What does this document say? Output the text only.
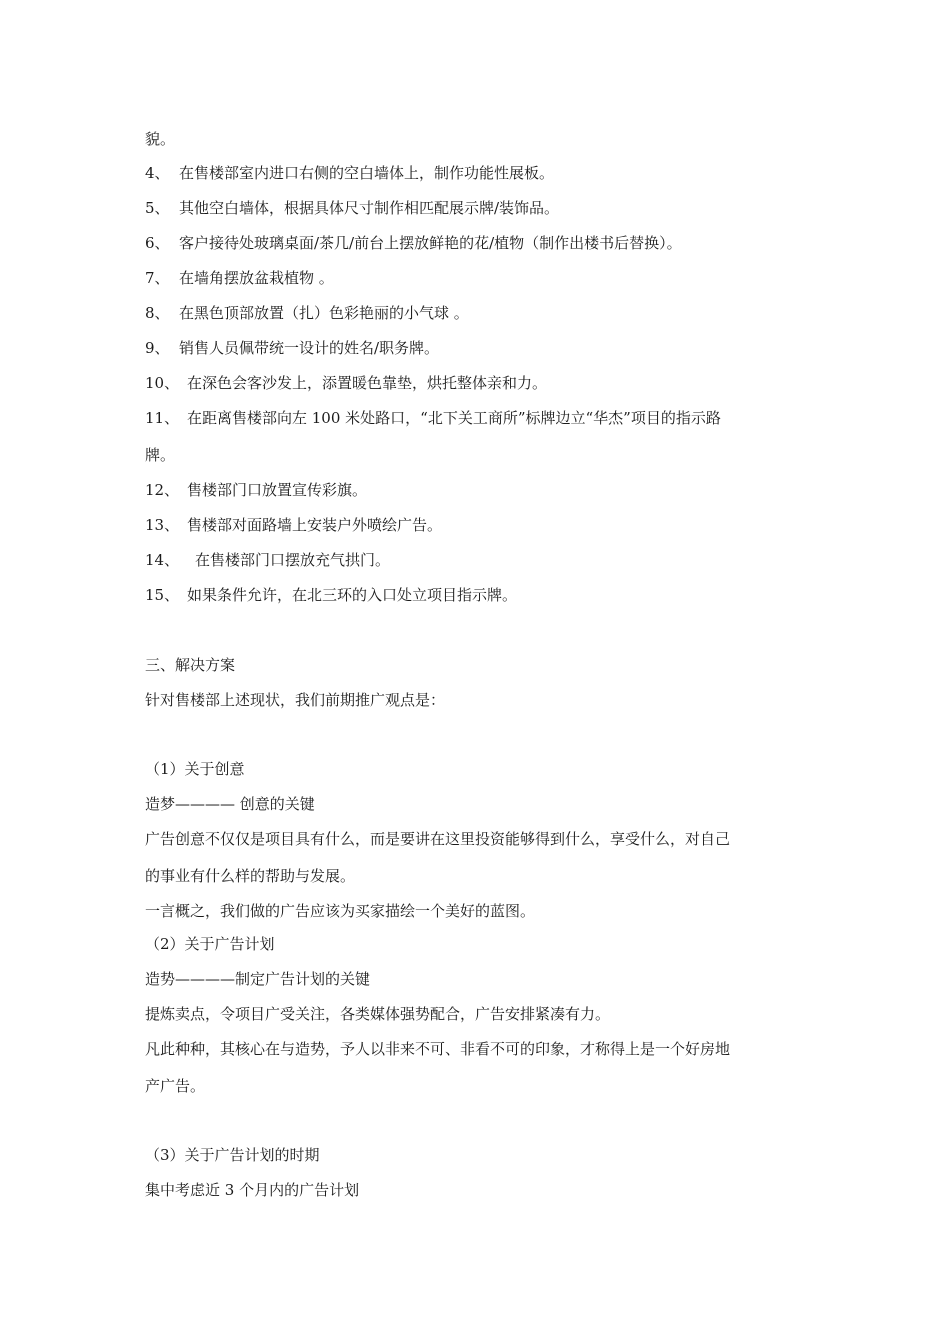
貌。
4、 在售楼部室内进口右侧的空白墙体上，制作功能性展板。
5、 其他空白墙体，根据具体尺寸制作相匹配展示牌/装饰品。
6、 客户接待处玻璃桌面/茶几/前台上摆放鲜艳的花/植物（制作出楼书后替换）。
7、 在墙角摆放盆栽植物 。
8、 在黑色顶部放置（扎）色彩艳丽的小气球 。
9、 销售人员佩带统一设计的姓名/职务牌。
10、 在深色会客沙发上，添置暖色靠垫，烘托整体亲和力。
11、 在距离售楼部向左 100 米处路口，“北下关工商所”标牌边立“华杰”项目的指示路
牌。
12、 售楼部门口放置宣传彩旗。
13、 售楼部对面路墙上安装户外喷绘广告。
14、 在售楼部门口摆放充气拱门。
15、 如果条件允许，在北三环的入口处立项目指示牌。
三、解决方案
针对售楼部上述现状，我们前期推广观点是：
（1）关于创意
造梦———— 创意的关键
广告创意不仅仅是项目具有什么，而是要讲在这里投资能够得到什么，享受什么，对自己
的事业有什么样的帮助与发展。
一言概之，我们做的广告应该为买家描绘一个美好的蓝图。
（2）关于广告计划
造势————制定广告计划的关键
提炼卖点，令项目广受关注，各类媒体强势配合，广告安排紧凑有力。
凡此种种，其核心在与造势，予人以非来不可、非看不可的印象，才称得上是一个好房地
产广告。
（3）关于广告计划的时期
集中考虑近 3 个月内的广告计划
